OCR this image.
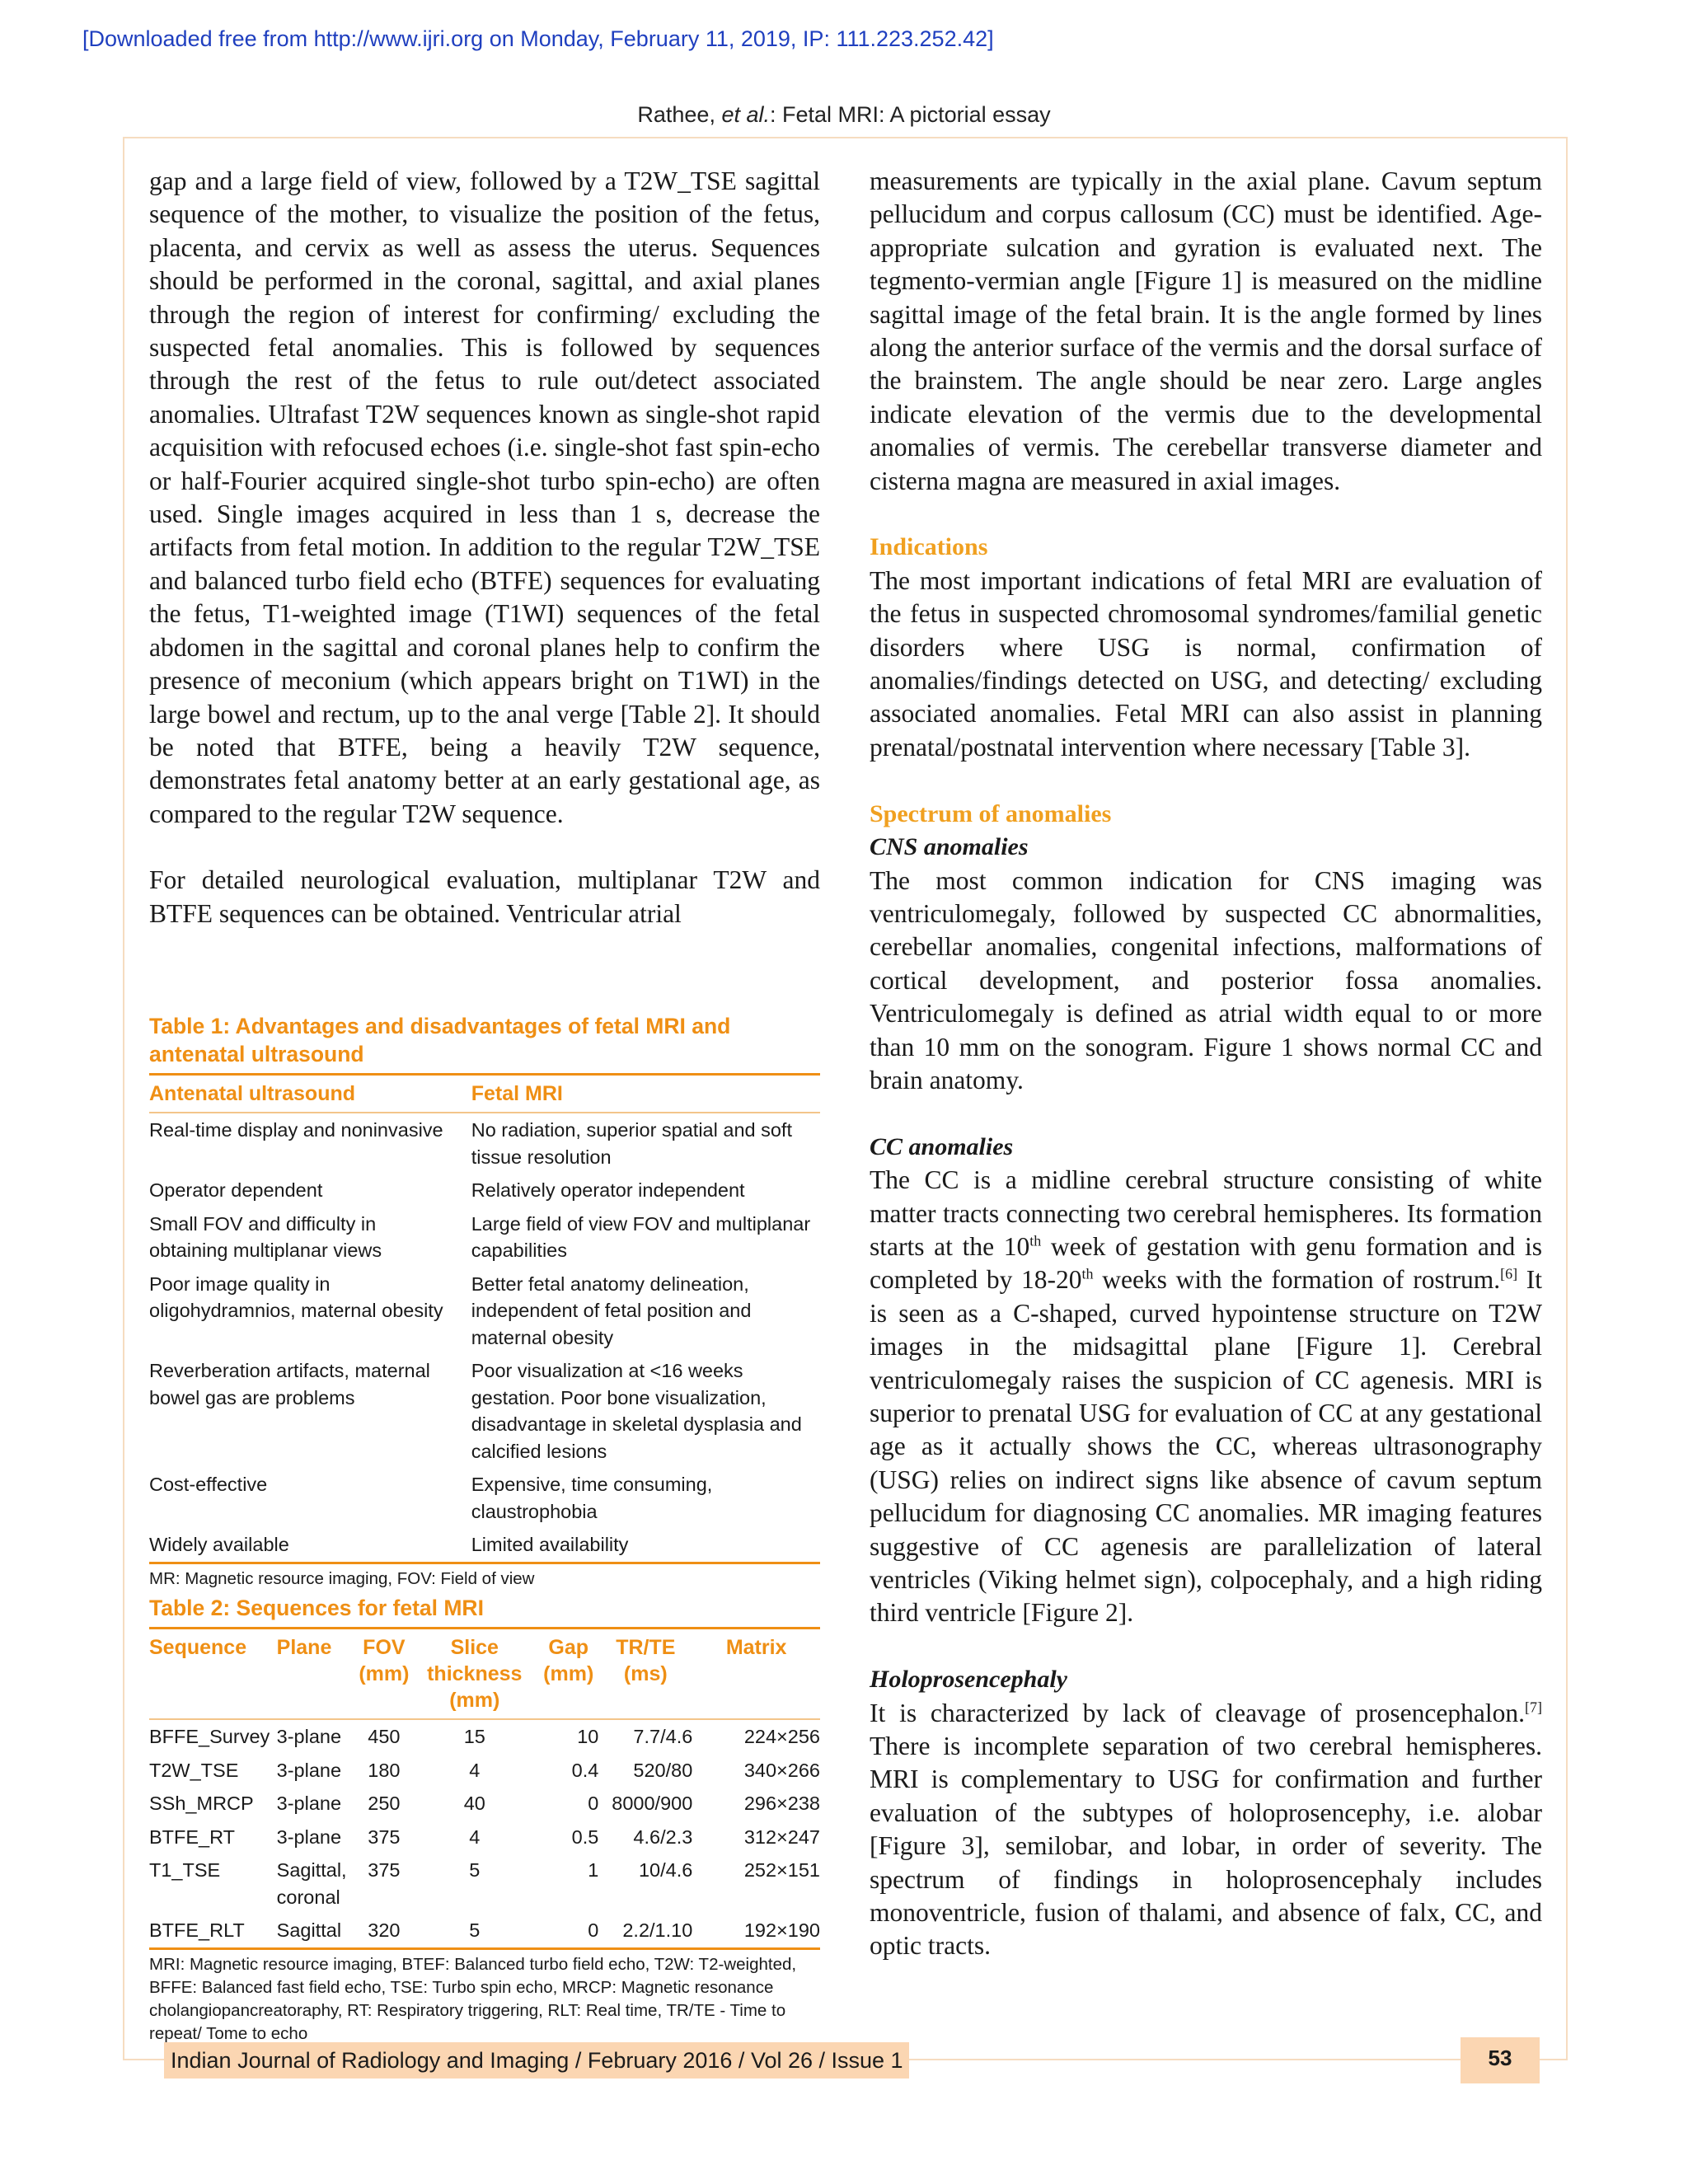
[Downloaded free from http://www.ijri.org on Monday, February 11, 2019, IP: 111.223.252.42]
Rathee, et al.: Fetal MRI: A pictorial essay

gap and a large field of view, followed by a T2W_TSE sagittal sequence of the mother, to visualize the position of the fetus, placenta, and cervix as well as assess the uterus. Sequences should be performed in the coronal, sagittal, and axial planes through the region of interest for confirming/ excluding the suspected fetal anomalies. This is followed by sequences through the rest of the fetus to rule out/detect associated anomalies. Ultrafast T2W sequences known as single-shot rapid acquisition with refocused echoes (i.e. single-shot fast spin-echo or half-Fourier acquired single-shot turbo spin-echo) are often used. Single images acquired in less than 1 s, decrease the artifacts from fetal motion. In addition to the regular T2W_TSE and balanced turbo field echo (BTFE) sequences for evaluating the fetus, T1-weighted image (T1WI) sequences of the fetal abdomen in the sagittal and coronal planes help to confirm the presence of meconium (which appears bright on T1WI) in the large bowel and rectum, up to the anal verge [Table 2]. It should be noted that BTFE, being a heavily T2W sequence, demonstrates fetal anatomy better at an early gestational age, as compared to the regular T2W sequence.

For detailed neurological evaluation, multiplanar T2W and BTFE sequences can be obtained. Ventricular atrial

Table 1: Advantages and disadvantages of fetal MRI and antenatal ultrasound

Antenatal ultrasound	Fetal MRI
Real-time display and noninvasive	No radiation, superior spatial and soft tissue resolution
Operator dependent	Relatively operator independent
Small FOV and difficulty in obtaining multiplanar views	Large field of view FOV and multiplanar capabilities
Poor image quality in oligohydramnios, maternal obesity	Better fetal anatomy delineation, independent of fetal position and maternal obesity
Reverberation artifacts, maternal bowel gas are problems	Poor visualization at <16 weeks gestation. Poor bone visualization, disadvantage in skeletal dysplasia and calcified lesions
Cost-effective	Expensive, time consuming, claustrophobia
Widely available	Limited availability

MR: Magnetic resource imaging, FOV: Field of view

Table 2: Sequences for fetal MRI

Sequence	Plane	FOV (mm)	Slice thickness (mm)	Gap (mm)	TR/TE (ms)	Matrix
BFFE_Survey	3-plane	450	15	10	7.7/4.6	224×256
T2W_TSE	3-plane	180	4	0.4	520/80	340×266
SSh_MRCP	3-plane	250	40	0	8000/900	296×238
BTFE_RT	3-plane	375	4	0.5	4.6/2.3	312×247
T1_TSE	Sagittal, coronal	375	5	1	10/4.6	252×151
BTFE_RLT	Sagittal	320	5	0	2.2/1.10	192×190

MRI: Magnetic resource imaging, BTEF: Balanced turbo field echo, T2W: T2-weighted, BFFE: Balanced fast field echo, TSE: Turbo spin echo, MRCP: Magnetic resonance cholangiopancreatoraphy, RT: Respiratory triggering, RLT: Real time, TR/TE - Time to repeat/ Tome to echo

measurements are typically in the axial plane. Cavum septum pellucidum and corpus callosum (CC) must be identified. Age-appropriate sulcation and gyration is evaluated next. The tegmento-vermian angle [Figure 1] is measured on the midline sagittal image of the fetal brain. It is the angle formed by lines along the anterior surface of the vermis and the dorsal surface of the brainstem. The angle should be near zero. Large angles indicate elevation of the vermis due to the developmental anomalies of vermis. The cerebellar transverse diameter and cisterna magna are measured in axial images.

Indications

The most important indications of fetal MRI are evaluation of the fetus in suspected chromosomal syndromes/familial genetic disorders where USG is normal, confirmation of anomalies/findings detected on USG, and detecting/ excluding associated anomalies. Fetal MRI can also assist in planning prenatal/postnatal intervention where necessary [Table 3].

Spectrum of anomalies

CNS anomalies

The most common indication for CNS imaging was ventriculomegaly, followed by suspected CC abnormalities, cerebellar anomalies, congenital infections, malformations of cortical development, and posterior fossa anomalies. Ventriculomegaly is defined as atrial width equal to or more than 10 mm on the sonogram. Figure 1 shows normal CC and brain anatomy.

CC anomalies

The CC is a midline cerebral structure consisting of white matter tracts connecting two cerebral hemispheres. Its formation starts at the 10th week of gestation with genu formation and is completed by 18-20th weeks with the formation of rostrum.[6] It is seen as a C-shaped, curved hypointense structure on T2W images in the midsagittal plane [Figure 1]. Cerebral ventriculomegaly raises the suspicion of CC agenesis. MRI is superior to prenatal USG for evaluation of CC at any gestational age as it actually shows the CC, whereas ultrasonography (USG) relies on indirect signs like absence of cavum septum pellucidum for diagnosing CC anomalies. MR imaging features suggestive of CC agenesis are parallelization of lateral ventricles (Viking helmet sign), colpocephaly, and a high riding third ventricle [Figure 2].

Holoprosencephaly

It is characterized by lack of cleavage of prosencephalon.[7] There is incomplete separation of two cerebral hemispheres. MRI is complementary to USG for confirmation and further evaluation of the subtypes of holoprosencephy, i.e. alobar [Figure 3], semilobar, and lobar, in order of severity. The spectrum of findings in holoprosencephaly includes monoventricle, fusion of thalami, and absence of falx, CC, and optic tracts.

Indian Journal of Radiology and Imaging / February 2016 / Vol 26 / Issue 1	53
